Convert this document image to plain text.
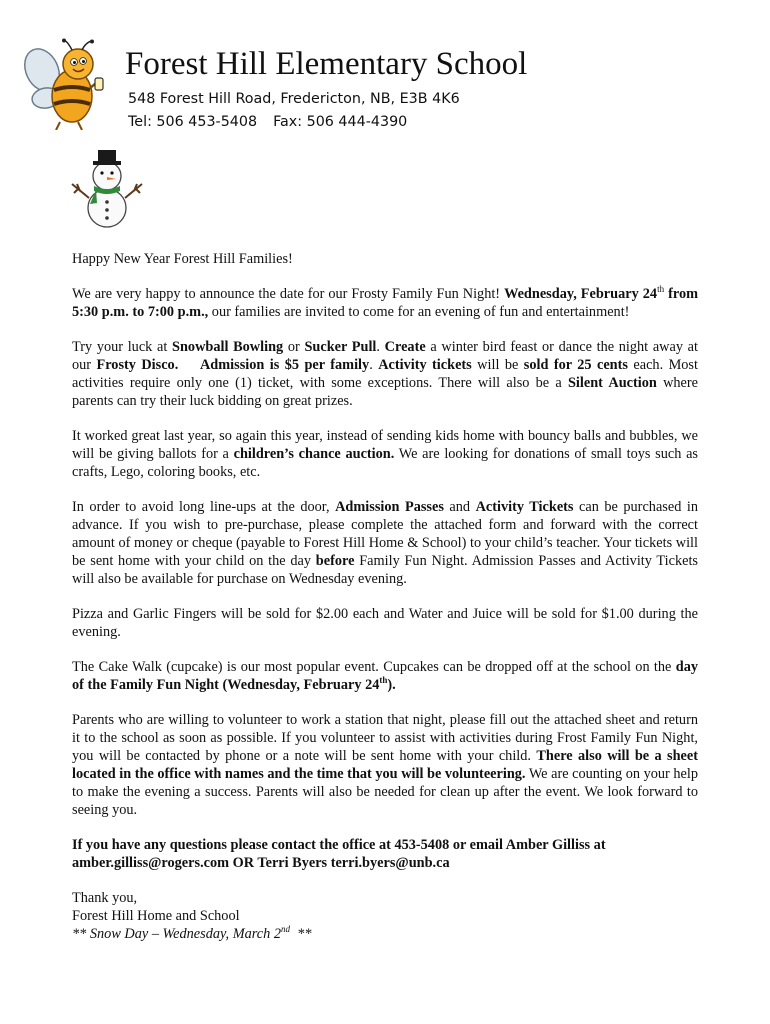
Forest Hill Elementary School
548 Forest Hill Road, Fredericton, NB, E3B 4K6
Tel: 506 453-5408 Fax: 506 444-4390

Happy New Year Forest Hill Families!

We are very happy to announce the date for our Frosty Family Fun Night! Wednesday, February 24th from 5:30 p.m. to 7:00 p.m., our families are invited to come for an evening of fun and entertainment!

Try your luck at Snowball Bowling or Sucker Pull. Create a winter bird feast or dance the night away at our Frosty Disco. Admission is $5 per family. Activity tickets will be sold for 25 cents each. Most activities require only one (1) ticket, with some exceptions. There will also be a Silent Auction where parents can try their luck bidding on great prizes.

It worked great last year, so again this year, instead of sending kids home with bouncy balls and bubbles, we will be giving ballots for a children’s chance auction. We are looking for donations of small toys such as crafts, Lego, coloring books, etc.

In order to avoid long line-ups at the door, Admission Passes and Activity Tickets can be purchased in advance. If you wish to pre-purchase, please complete the attached form and forward with the correct amount of money or cheque (payable to Forest Hill Home & School) to your child’s teacher. Your tickets will be sent home with your child on the day before Family Fun Night. Admission Passes and Activity Tickets will also be available for purchase on Wednesday evening.

Pizza and Garlic Fingers will be sold for $2.00 each and Water and Juice will be sold for $1.00 during the evening.

The Cake Walk (cupcake) is our most popular event. Cupcakes can be dropped off at the school on the day of the Family Fun Night (Wednesday, February 24th).

Parents who are willing to volunteer to work a station that night, please fill out the attached sheet and return it to the school as soon as possible. If you volunteer to assist with activities during Frost Family Fun Night, you will be contacted by phone or a note will be sent home with your child. There also will be a sheet located in the office with names and the time that you will be volunteering. We are counting on your help to make the evening a success. Parents will also be needed for clean up after the event. We look forward to seeing you.

If you have any questions please contact the office at 453-5408 or email Amber Gilliss at amber.gilliss@rogers.com OR Terri Byers terri.byers@unb.ca

Thank you,

Forest Hill Home and School

** Snow Day – Wednesday, March 2nd  **
